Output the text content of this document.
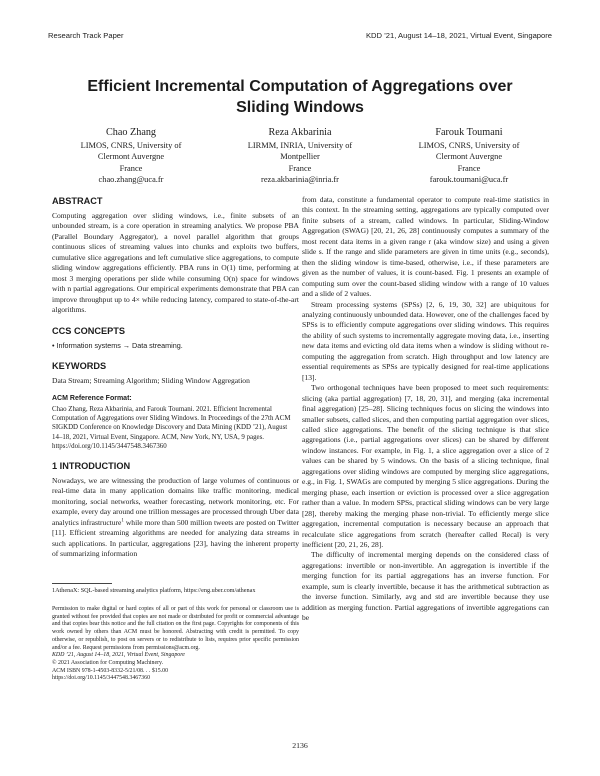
Research Track Paper	KDD ’21, August 14–18, 2021, Virtual Event, Singapore
Efficient Incremental Computation of Aggregations over Sliding Windows
Chao Zhang
LIMOS, CNRS, University of
Clermont Auvergne
France
chao.zhang@uca.fr
Reza Akbarinia
LIRMM, INRIA, University of
Montpellier
France
reza.akbarinia@inria.fr
Farouk Toumani
LIMOS, CNRS, University of
Clermont Auvergne
France
farouk.toumani@uca.fr
ABSTRACT

Computing aggregation over sliding windows, i.e., finite subsets of an unbounded stream, is a core operation in streaming analytics. We propose PBA (Parallel Boundary Aggregator), a novel parallel algorithm that groups continuous slices of streaming values into chunks and exploits two buffers, cumulative slice aggregations and left cumulative slice aggregations, to compute sliding window aggregations efficiently. PBA runs in O(1) time, performing at most 3 merging operations per slide while consuming O(n) space for windows with n partial aggregations. Our empirical experiments demonstrate that PBA can improve throughput up to 4× while reducing latency, compared to state-of-the-art algorithms.

CCS CONCEPTS

• Information systems → Data streaming.

KEYWORDS

Data Stream; Streaming Algorithm; Sliding Window Aggregation

ACM Reference Format:

Chao Zhang, Reza Akbarinia, and Farouk Toumani. 2021. Efficient Incremental Computation of Aggregations over Sliding Windows. In Proceedings of the 27th ACM SIGKDD Conference on Knowledge Discovery and Data Mining (KDD ’21), August 14–18, 2021, Virtual Event, Singapore. ACM, New York, NY, USA, 9 pages. https://doi.org/10.1145/3447548.3467360

1 INTRODUCTION

Nowadays, we are witnessing the production of large volumes of continuous or real-time data in many application domains like traffic monitoring, medical monitoring, social networks, weather forecasting, network monitoring, etc. For example, every day around one trillion messages are processed through Uber data analytics infrastructure$^1$ while more than 500 million tweets are posted on Twitter [11]. Efficient streaming algorithms are needed for analyzing data streams in such applications. In particular, aggregations [23], having the inherent property of summarizing information

1AthenaX: SQL-based streaming analytics platform, https://eng.uber.com/athenax
Permission to make digital or hard copies of all or part of this work for personal or classroom use is granted without fee provided that copies are not made or distributed for profit or commercial advantage and that copies bear this notice and the full citation on the first page. Copyrights for components of this work owned by others than ACM must be honored. Abstracting with credit is permitted. To copy otherwise, or republish, to post on servers or to redistribute to lists, requires prior specific permission and/or a fee. Request permissions from permissions@acm.org.
KDD ’21, August 14–18, 2021, Virtual Event, Singapore
© 2021 Association for Computing Machinery.
ACM ISBN 978-1-4503-8332-5/21/08. . . $15.00
https://doi.org/10.1145/3447548.3467360

from data, constitute a fundamental operator to compute real-time statistics in this context. In the streaming setting, aggregations are typically computed over finite subsets of a stream, called windows. In particular, Sliding-Window Aggregation (SWAG) [20, 21, 26, 28] continuously computes a summary of the most recent data items in a given range r (aka window size) and using a given slide s. If the range and slide parameters are given in time units (e.g., seconds), then the sliding window is time-based, otherwise, i.e., if these parameters are given as the number of values, it is count-based. Fig. 1 presents an example of computing sum over the count-based sliding window with a range of 10 values and a slide of 2 values.

Stream processing systems (SPSs) [2, 6, 19, 30, 32] are ubiquitous for analyzing continuously unbounded data. However, one of the challenges faced by SPSs is to efficiently compute aggregations over sliding windows. This requires the ability of such systems to incrementally aggregate moving data, i.e., inserting new data items and evicting old data items when a window is sliding without re-computing the aggregation from scratch. High throughput and low latency are essential requirements as SPSs are typically designed for real-time applications [13].

Two orthogonal techniques have been proposed to meet such requirements: slicing (aka partial aggregation) [7, 18, 20, 31], and merging (aka incremental final aggregation) [25–28]. Slicing techniques focus on slicing the windows into smaller subsets, called slices, and then computing partial aggregation over slices, called slice aggregations. The benefit of the slicing technique is that slice aggregations (i.e., partial aggregations over slices) can be shared by different window instances. For example, in Fig. 1, a slice aggregation over a slice of 2 values can be shared by 5 windows. On the basis of a slicing technique, final aggregations over sliding windows are computed by merging slice aggregations, e.g., in Fig. 1, SWAGs are computed by merging 5 slice aggregations. During the merging phase, each insertion or eviction is processed over a slice aggregation rather than a value. In modern SPSs, practical sliding windows can be very large [28], thereby making the merging phase non-trivial. To efficiently merge slice aggregation, incremental computation is necessary because an approach that recalculate slice aggregations from scratch (hereafter called Recal) is very inefficient [20, 21, 26, 28].

The difficulty of incremental merging depends on the considered class of aggregations: invertible or non-invertible. An aggregation is invertible if the merging function for its partial aggregations has an inverse function. For example, sum is clearly invertible, because it has the arithmetical subtraction as the inverse function. Similarly, avg and std are invertible because they use addition as merging function. Partial aggregations of invertible aggregations can be

2136
